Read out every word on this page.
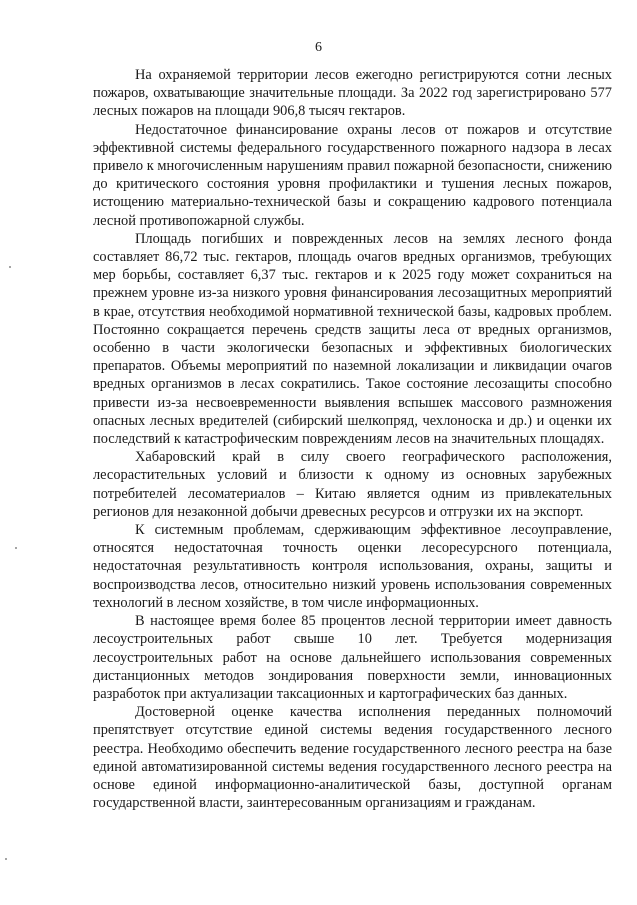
6

На охраняемой территории лесов ежегодно регистрируются сотни лесных пожаров, охватывающие значительные площади. За 2022 год зарегистрировано 577 лесных пожаров на площади 906,8 тысяч гектаров.

Недостаточное финансирование охраны лесов от пожаров и отсутствие эффективной системы федерального государственного пожарного надзора в лесах привело к многочисленным нарушениям правил пожарной безопасности, снижению до критического состояния уровня профилактики и тушения лесных пожаров, истощению материально-технической базы и сокращению кадрового потенциала лесной противопожарной службы.

Площадь погибших и поврежденных лесов на землях лесного фонда составляет 86,72 тыс. гектаров, площадь очагов вредных организмов, требующих мер борьбы, составляет 6,37 тыс. гектаров и к 2025 году может сохраниться на прежнем уровне из-за низкого уровня финансирования лесозащитных мероприятий в крае, отсутствия необходимой нормативной технической базы, кадровых проблем. Постоянно сокращается перечень средств защиты леса от вредных организмов, особенно в части экологически безопасных и эффективных биологических препаратов. Объемы мероприятий по наземной локализации и ликвидации очагов вредных организмов в лесах сократились. Такое состояние лесозащиты способно привести из-за несвоевременности выявления вспышек массового размножения опасных лесных вредителей (сибирский шелкопряд, чехлоноска и др.) и оценки их последствий к катастрофическим повреждениям лесов на значительных площадях.

Хабаровский край в силу своего географического расположения, лесорастительных условий и близости к одному из основных зарубежных потребителей лесоматериалов – Китаю является одним из привлекательных регионов для незаконной добычи древесных ресурсов и отгрузки их на экспорт.

К системным проблемам, сдерживающим эффективное лесоуправление, относятся недостаточная точность оценки лесоресурсного потенциала, недостаточная результативность контроля использования, охраны, защиты и воспроизводства лесов, относительно низкий уровень использования современных технологий в лесном хозяйстве, в том числе информационных.

В настоящее время более 85 процентов лесной территории имеет давность лесоустроительных работ свыше 10 лет. Требуется модернизация лесоустроительных работ на основе дальнейшего использования современных дистанционных методов зондирования поверхности земли, инновационных разработок при актуализации таксационных и картографических баз данных.

Достоверной оценке качества исполнения переданных полномочий препятствует отсутствие единой системы ведения государственного лесного реестра. Необходимо обеспечить ведение государственного лесного реестра на базе единой автоматизированной системы ведения государственного лесного реестра на основе единой информационно-аналитической базы, доступной органам государственной власти, заинтересованным организациям и гражданам.
